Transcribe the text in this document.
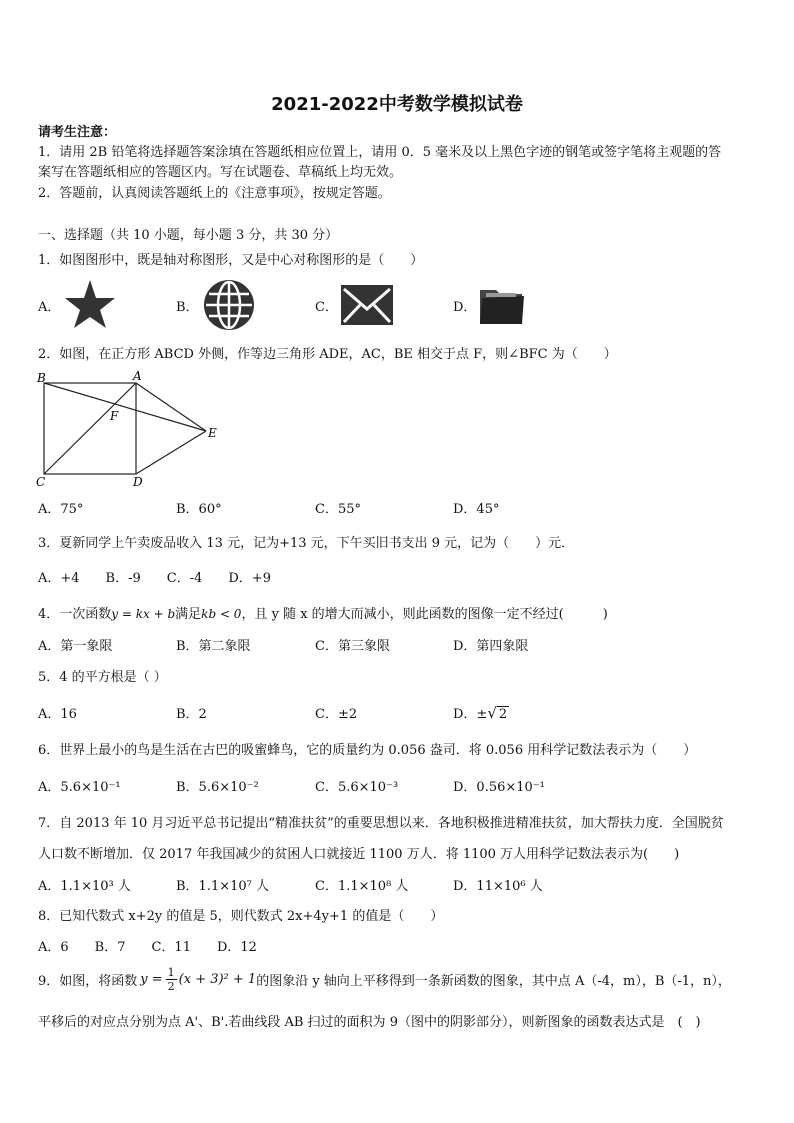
2021-2022中考数学模拟试卷
请考生注意：
1．请用 2B 铅笔将选择题答案涂填在答题纸相应位置上，请用 0．5 毫米及以上黑色字迹的钢笔或签字笔将主观题的答
案写在答题纸相应的答题区内。写在试题卷、草稿纸上均无效。
2．答题前，认真阅读答题纸上的《注意事项》，按规定答题。
一、选择题（共 10 小题，每小题 3 分，共 30 分）
1．如图图形中，既是轴对称图形，又是中心对称图形的是（　　）
A．	B．	C．	D．
2．如图，在正方形 ABCD 外侧，作等边三角形 ADE，AC，BE 相交于点 F，则∠BFC 为（　　）
B	A
F
E
C	D
A．75°	B．60°	C．55°	D．45°
3．夏新同学上午卖废品收入 13 元，记为+13 元，下午买旧书支出 9 元，记为（　　）元．
A．+4　　B．-9　　C．-4　　D．+9
4．一次函数y = kx + b满足kb < 0，且 y 随 x 的增大而减小，则此函数的图像一定不经过(　　　)
A．第一象限	B．第二象限	C．第三象限	D．第四象限
5．4 的平方根是（ ）
A．16	B．2	C．±2	D．±√ 2
6．世界上最小的鸟是生活在古巴的吸蜜蜂鸟，它的质量约为 0.056 盎司．将 0.056 用科学记数法表示为（　　）
A．5.6×10⁻¹	B．5.6×10⁻²	C．5.6×10⁻³	D．0.56×10⁻¹
7．自 2013 年 10 月习近平总书记提出“精准扶贫”的重要思想以来．各地积极推进精准扶贫，加大帮扶力度．全国脱贫
人口数不断增加．仅 2017 年我国减少的贫困人口就接近 1100 万人．将 1100 万人用科学记数法表示为(　　)
A．1.1×10³ 人	B．1.1×10⁷ 人	C．1.1×10⁸ 人	D．11×10⁶ 人
8．已知代数式 x+2y 的值是 5，则代数式 2x+4y+1 的值是（　　）
A．6　　B．7　　C．11　　D．12
9．如图，将函数 $y = \frac{1}{2} (x + 3)^2 + 1$ 的图象沿 y 轴向上平移得到一条新函数的图象，其中点 A（-4，m），B（-1，n），
平移后的对应点分别为点 A'、B'.若曲线段 AB 扫过的面积为 9（图中的阴影部分），则新图象的函数表达式是　(　)
